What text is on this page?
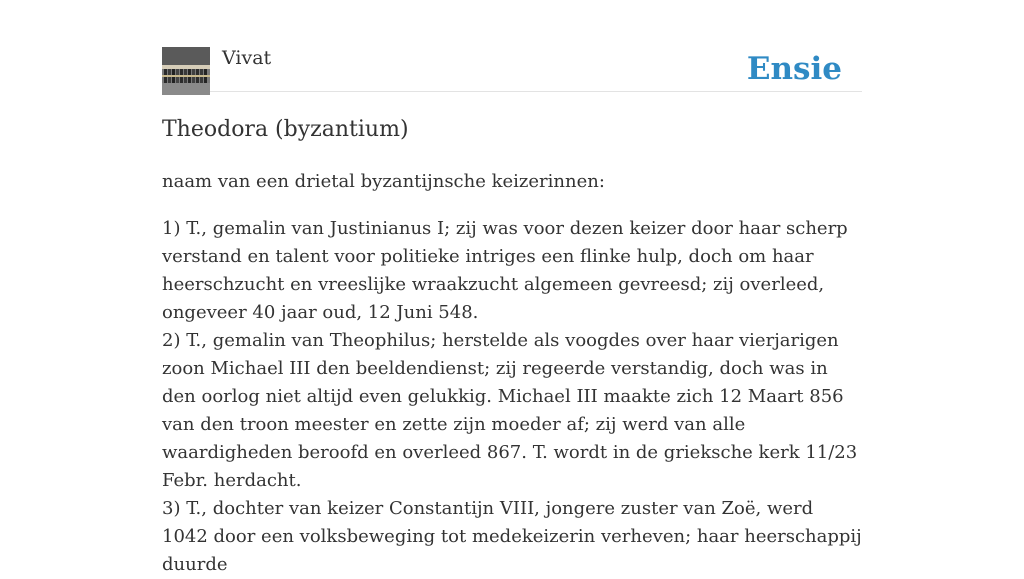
Vivat	Ensie
Theodora (byzantium)

naam van een drietal byzantijnsche keizerinnen:

1) T., gemalin van Justinianus I; zij was voor dezen keizer door haar scherp verstand en talent voor politieke intriges een flinke hulp, doch om haar heerschzucht en vreeslijke wraakzucht algemeen gevreesd; zij overleed, ongeveer 40 jaar oud, 12 Juni 548.
2) T., gemalin van Theophilus; herstelde als voogdes over haar vierjarigen zoon Michael III den beeldendienst; zij regeerde verstandig, doch was in den oorlog niet altijd even gelukkig. Michael III maakte zich 12 Maart 856 van den troon meester en zette zijn moeder af; zij werd van alle waardigheden beroofd en overleed 867. T. wordt in de grieksche kerk 11/23 Febr. herdacht.
3) T., dochter van keizer Constantijn VIII, jongere zuster van Zoë, werd 1042 door een volksbeweging tot medekeizerin verheven; haar heerschappij duurde
